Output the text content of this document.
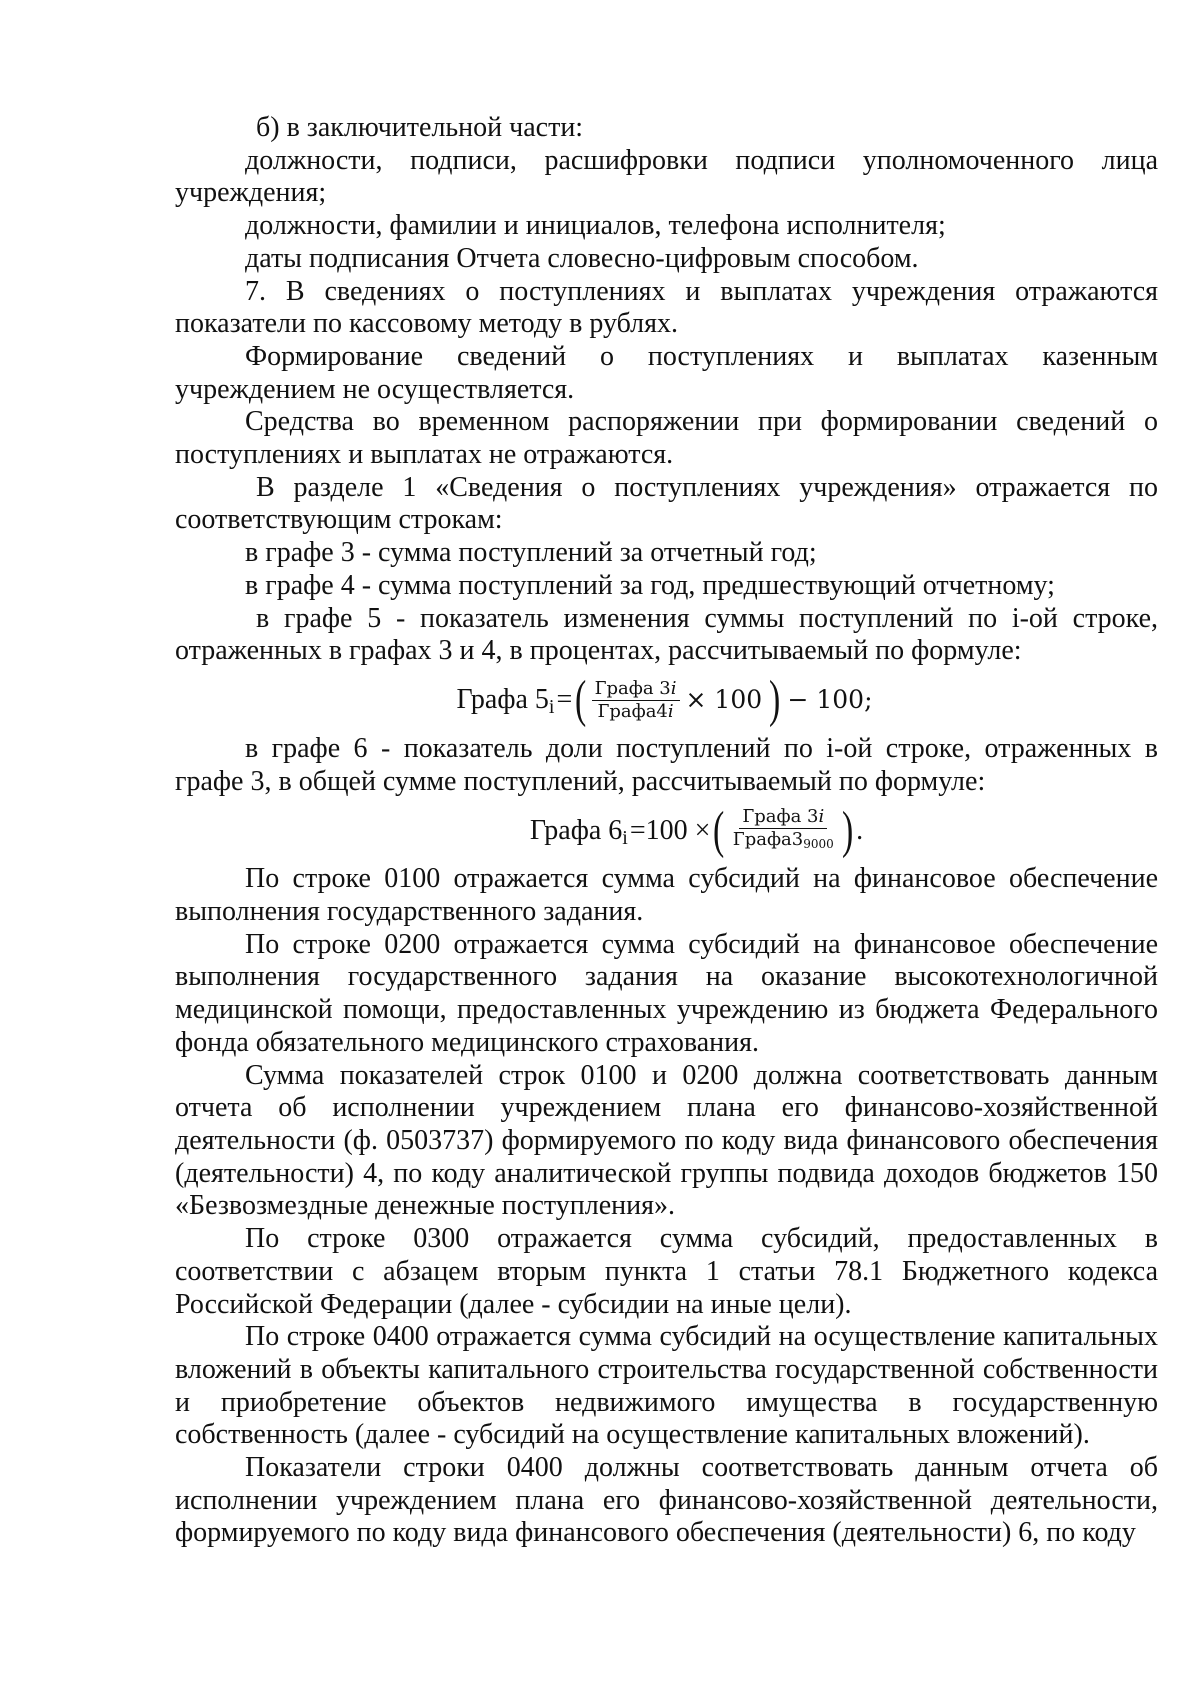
б) в заключительной части:

должности, подписи, расшифровки подписи уполномоченного лица учреждения;

должности, фамилии и инициалов, телефона исполнителя;

даты подписания Отчета словесно-цифровым способом.

7. В сведениях о поступлениях и выплатах учреждения отражаются показатели по кассовому методу в рублях.

Формирование сведений о поступлениях и выплатах казенным учреждением не осуществляется.

Средства во временном распоряжении при формировании сведений о поступлениях и выплатах не отражаются.

В разделе 1 «Сведения о поступлениях учреждения» отражается по соответствующим строкам:

в графе 3 - сумма поступлений за отчетный год;

в графе 4 - сумма поступлений за год, предшествующий отчетному;

в графе 5 - показатель изменения суммы поступлений по i-ой строке, отраженных в графах 3 и 4, в процентах, рассчитываемый по формуле:

Графа 5 i = ( $\frac{\text{Графа 3i}}{\text{Графа4i}} \times 100$ ) − 100;

в графе 6 - показатель доли поступлений по i-ой строке, отраженных в графе 3, в общей сумме поступлений, рассчитываемый по формуле:

Графа 6 i =100 × ( $\frac{\text{Графа 3i}}{Графа3_{9000}}$ ) .

По строке 0100 отражается сумма субсидий на финансовое обеспечение выполнения государственного задания.

По строке 0200 отражается сумма субсидий на финансовое обеспечение выполнения государственного задания на оказание высокотехнологичной медицинской помощи, предоставленных учреждению из бюджета Федерального фонда обязательного медицинского страхования.

Сумма показателей строк 0100 и 0200 должна соответствовать данным отчета об исполнении учреждением плана его финансово-хозяйственной деятельности (ф. 0503737) формируемого по коду вида финансового обеспечения (деятельности) 4, по коду аналитической группы подвида доходов бюджетов 150 «Безвозмездные денежные поступления».

По строке 0300 отражается сумма субсидий, предоставленных в соответствии с абзацем вторым пункта 1 статьи 78.1 Бюджетного кодекса Российской Федерации (далее - субсидии на иные цели).

По строке 0400 отражается сумма субсидий на осуществление капитальных вложений в объекты капитального строительства государственной собственности и приобретение объектов недвижимого имущества в государственную собственность (далее - субсидий на осуществление капитальных вложений).

Показатели строки 0400 должны соответствовать данным отчета об исполнении учреждением плана его финансово-хозяйственной деятельности, формируемого по коду вида финансового обеспечения (деятельности) 6, по коду
